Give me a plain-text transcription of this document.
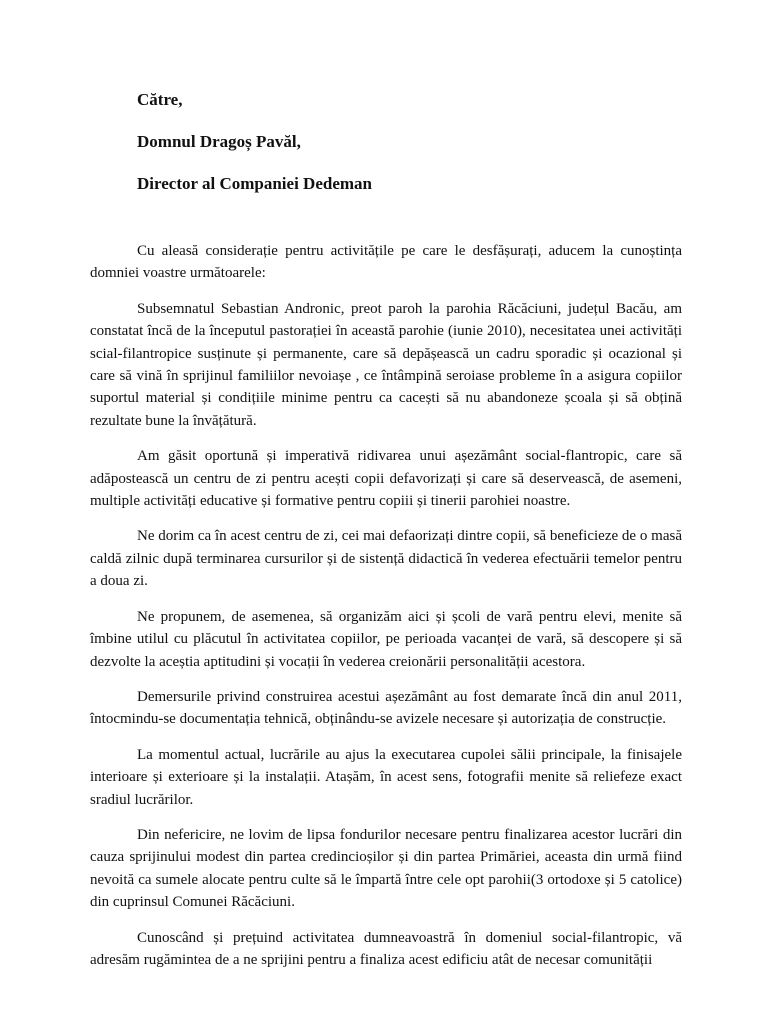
Către,
Domnul Dragoș Pavăl,
Director al Companiei Dedeman

Cu aleasă considerație pentru activitățile pe care le desfășurați, aducem la cunoștința domniei voastre următoarele:

Subsemnatul Sebastian Andronic, preot paroh la parohia Răcăciuni, județul Bacău, am constatat încă de la începutul pastorației în această parohie (iunie 2010), necesitatea unei activități scial-filantropice susținute și permanente, care să depășească un cadru sporadic și ocazional și care să vină în sprijinul familiilor nevoiașe , ce întâmpină seroiase probleme în a asigura copiilor suportul material și condițiile minime pentru ca cacești să nu abandoneze școala și să obțină rezultate bune la învățătură.

Am găsit oportună și imperativă ridivarea unui așezământ social-flantropic, care să adăpostească un centru de zi pentru acești copii defavorizați și care să deservească, de asemeni, multiple activități educative și formative pentru copiii și tinerii parohiei noastre.

Ne dorim ca în acest centru de zi, cei mai defaorizați dintre copii, să beneficieze de o masă caldă zilnic după terminarea cursurilor și de sistență didactică în vederea efectuării temelor pentru a doua zi.

Ne propunem, de asemenea, să organizăm aici și școli de vară pentru elevi, menite să îmbine utilul cu plăcutul în activitatea copiilor, pe perioada vacanței de vară, să descopere și să dezvolte la aceștia aptitudini și vocații în vederea creionării personalității acestora.

Demersurile privind construirea acestui așezământ au fost demarate încă din anul 2011, întocmindu-se documentația tehnică, obținându-se avizele necesare și autorizația de construcție.

La momentul actual, lucrările au ajus la executarea cupolei sălii principale, la finisajele interioare și exterioare și la instalații. Atașăm, în acest sens, fotografii menite să reliefeze exact sradiul lucrărilor.

Din nefericire, ne lovim de lipsa fondurilor necesare pentru finalizarea acestor lucrări din cauza sprijinului modest din partea credincioșilor și din partea Primăriei, aceasta din urmă fiind nevoită ca sumele alocate pentru culte să le împartă între cele opt parohii(3 ortodoxe și 5 catolice) din cuprinsul Comunei Răcăciuni.

Cunoscând și prețuind activitatea dumneavoastră în domeniul social-filantropic, vă adresăm rugămintea de a ne sprijini pentru a finaliza acest edificiu atât de necesar comunității
